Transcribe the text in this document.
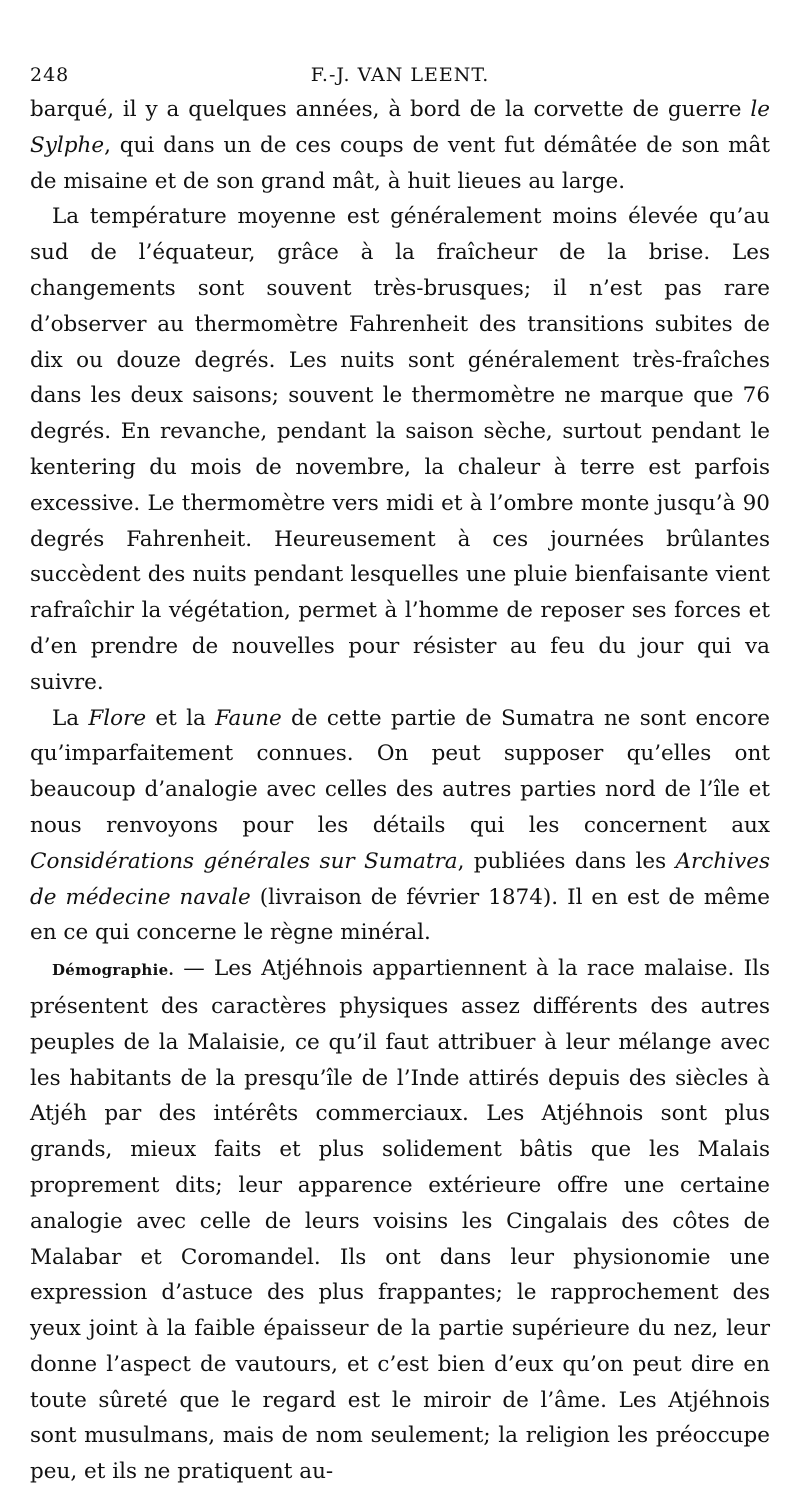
248	F.-J. VAN LEENT.

barqué, il y a quelques années, à bord de la corvette de guerre le Sylphe, qui dans un de ces coups de vent fut démâtée de son mât de misaine et de son grand mât, à huit lieues au large.

La température moyenne est généralement moins élevée qu’au sud de l’équateur, grâce à la fraîcheur de la brise. Les changements sont souvent très-brusques; il n’est pas rare d’observer au thermomètre Fahrenheit des transitions subites de dix ou douze degrés. Les nuits sont généralement très-fraîches dans les deux saisons; souvent le thermomètre ne marque que 76 degrés. En revanche, pendant la saison sèche, surtout pendant le kentering du mois de novembre, la chaleur à terre est parfois excessive. Le thermomètre vers midi et à l’ombre monte jusqu’à 90 degrés Fahrenheit. Heureusement à ces journées brûlantes succèdent des nuits pendant lesquelles une pluie bienfaisante vient rafraîchir la végétation, permet à l’homme de reposer ses forces et d’en prendre de nouvelles pour résister au feu du jour qui va suivre.

La Flore et la Faune de cette partie de Sumatra ne sont encore qu’imparfaitement connues. On peut supposer qu’elles ont beaucoup d’analogie avec celles des autres parties nord de l’île et nous renvoyons pour les détails qui les concernent aux Considérations générales sur Sumatra, publiées dans les Archives de médecine navale (livraison de février 1874). Il en est de même en ce qui concerne le règne minéral.

Démographie. — Les Atjéhnois appartiennent à la race malaise. Ils présentent des caractères physiques assez différents des autres peuples de la Malaisie, ce qu’il faut attribuer à leur mélange avec les habitants de la presqu’île de l’Inde attirés depuis des siècles à Atjéh par des intérêts commerciaux. Les Atjéhnois sont plus grands, mieux faits et plus solidement bâtis que les Malais proprement dits; leur apparence extérieure offre une certaine analogie avec celle de leurs voisins les Cingalais des côtes de Malabar et Coromandel. Ils ont dans leur physionomie une expression d’astuce des plus frappantes; le rapprochement des yeux joint à la faible épaisseur de la partie supérieure du nez, leur donne l’aspect de vautours, et c’est bien d’eux qu’on peut dire en toute sûreté que le regard est le miroir de l’âme. Les Atjéhnois sont musulmans, mais de nom seulement; la religion les préoccupe peu, et ils ne pratiquent au-
